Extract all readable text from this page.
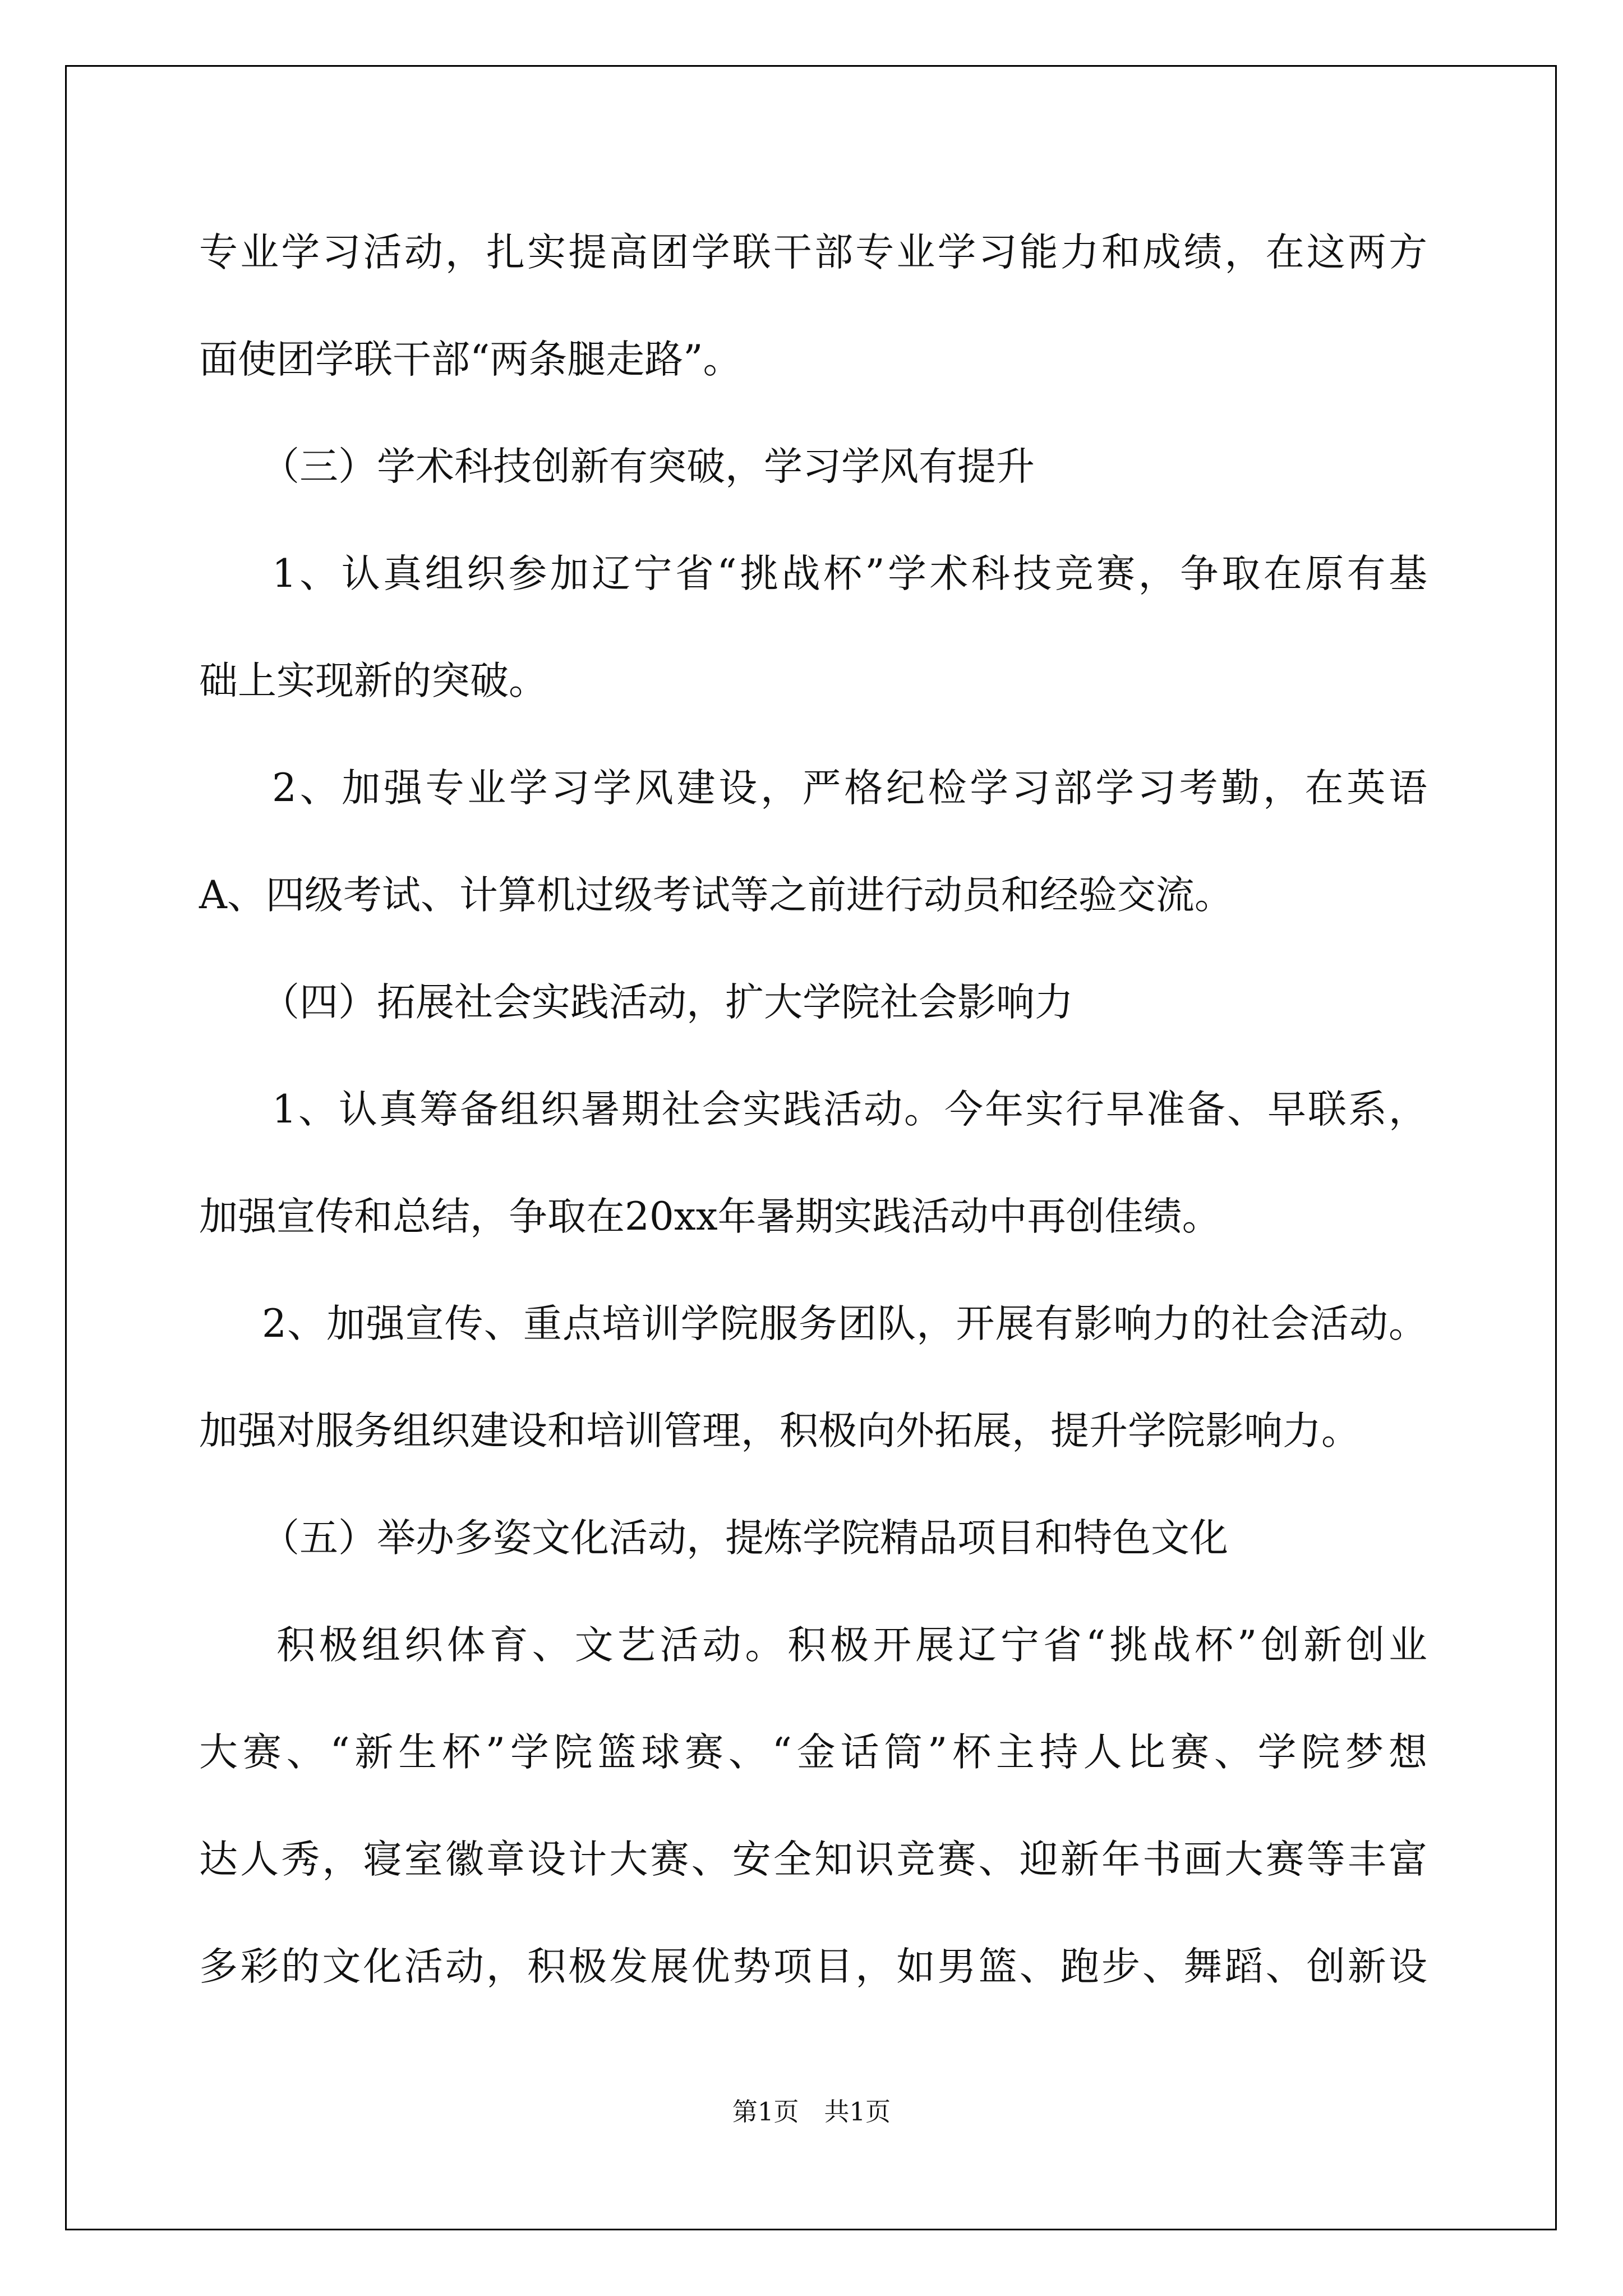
专业学习活动，扎实提高团学联干部专业学习能力和成绩，在这两方
面使团学联干部“两条腿走路”。
（三）学术科技创新有突破，学习学风有提升
1、认真组织参加辽宁省“挑战杯”学术科技竞赛，争取在原有基
础上实现新的突破。
2、加强专业学习学风建设，严格纪检学习部学习考勤，在英语
A、四级考试、计算机过级考试等之前进行动员和经验交流。
（四）拓展社会实践活动，扩大学院社会影响力
1、认真筹备组织暑期社会实践活动。今年实行早准备、早联系，
加强宣传和总结，争取在20xx年暑期实践活动中再创佳绩。
2、加强宣传、重点培训学院服务团队，开展有影响力的社会活动。
加强对服务组织建设和培训管理，积极向外拓展，提升学院影响力。
（五）举办多姿文化活动，提炼学院精品项目和特色文化
积极组织体育、文艺活动。积极开展辽宁省“挑战杯”创新创业
大赛、“新生杯”学院篮球赛、“金话筒”杯主持人比赛、学院梦想
达人秀，寝室徽章设计大赛、安全知识竞赛、迎新年书画大赛等丰富
多彩的文化活动，积极发展优势项目，如男篮、跑步、舞蹈、创新设
第1页　共1页
